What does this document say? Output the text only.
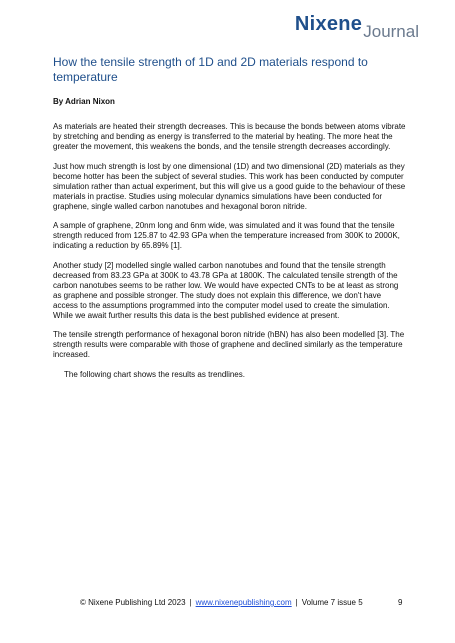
NixeneJournal
How the tensile strength of 1D and 2D materials respond to temperature

By Adrian Nixon

As materials are heated their strength decreases. This is because the bonds between atoms vibrate by stretching and bending as energy is transferred to the material by heating. The more heat the greater the movement, this weakens the bonds, and the tensile strength decreases accordingly.

Just how much strength is lost by one dimensional (1D) and two dimensional (2D) materials as they become hotter has been the subject of several studies. This work has been conducted by computer simulation rather than actual experiment, but this will give us a good guide to the behaviour of these materials in practise. Studies using molecular dynamics simulations have been conducted for graphene, single walled carbon nanotubes and hexagonal boron nitride.

A sample of graphene, 20nm long and 6nm wide, was simulated and it was found that the tensile strength reduced from 125.87 to 42.93 GPa when the temperature increased from 300K to 2000K, indicating a reduction by 65.89% [1].

Another study [2] modelled single walled carbon nanotubes and found that the tensile strength decreased from 83.23 GPa at 300K to 43.78 GPa at 1800K. The calculated tensile strength of the carbon nanotubes seems to be rather low. We would have expected CNTs to be at least as strong as graphene and possible stronger. The study does not explain this difference, we don't have access to the assumptions programmed into the computer model used to create the simulation. While we await further results this data is the best published evidence at present.

The tensile strength performance of hexagonal boron nitride (hBN) has also been modelled [3]. The strength results were comparable with those of graphene and declined similarly as the temperature increased.

The following chart shows the results as trendlines.

© Nixene Publishing Ltd 2023 | www.nixenepublishing.com | Volume 7 issue 5	9
